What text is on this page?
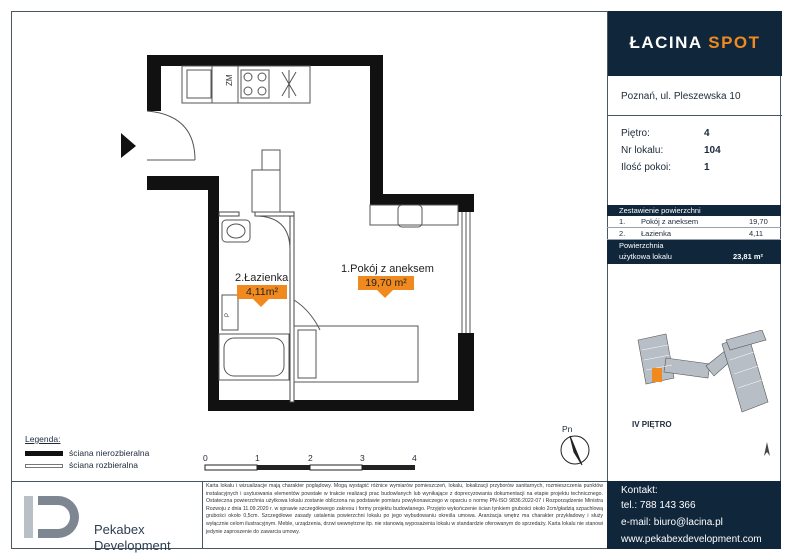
ZM
P
0	1	2	3	4
Pn
2.Łazienka
4,11m²
1.Pokój z aneksem
19,70 m²
Legenda:
ściana nierozbieralna
ściana rozbieralna
Pekabex
Development
Karta lokalu i wizualizacje mają charakter poglądowy. Mogą wystąpić różnice wymiarów pomieszczeń, lokalu, lokalizacji przyborów sanitarnych, rozmieszczenia punktów instalacyjnych i usytuowania elementów powstałe w trakcie realizacji prac budowlanych lub wynikające z doprecyzowania dokumentacji na etapie projektu technicznego. Ostateczna powierzchnia użytkowa lokalu zostanie obliczona na podstawie pomiaru powykonawczego w oparciu o normę PN-ISO 9836:2022-07 i Rozporządzenie Ministra Rozwoju z dnia 11.09.2020 r. w sprawie szczegółowego zakresu i formy projektu budowlanego. Przyjęto wykończenie ścian tynkiem grubości około 2cm/gładzią szpachlową grubości około 0,5cm. Szczegółowe zasady ustalenia powierzchni lokalu po jego wybudowaniu określa umowa. Aranżacja wnętrz ma charakter przykładowy i służy wyłącznie celom ilustracyjnym. Meble, urządzenia, drzwi wewnętrzne itp. nie stanowią wyposażenia lokalu w standardzie oferowanym do sprzedaży. Karta lokalu nie stanowi jedynie zaproszenie do zawarcia umowy.
ŁACINA SPOT
Poznań, ul. Pleszewska 10
Piętro:	4
Nr lokalu:	104
Ilość pokoi:	1
Zestawienie powierzchni
1. Pokój z aneksem	19,70
2. Łazienka	4,11
Powierzchnia
użytkowa lokalu	23,81 m²
IV PIĘTRO
Kontakt:
tel.: 788 143 366
e-mail: biuro@lacina.pl
www.pekabexdevelopment.com
